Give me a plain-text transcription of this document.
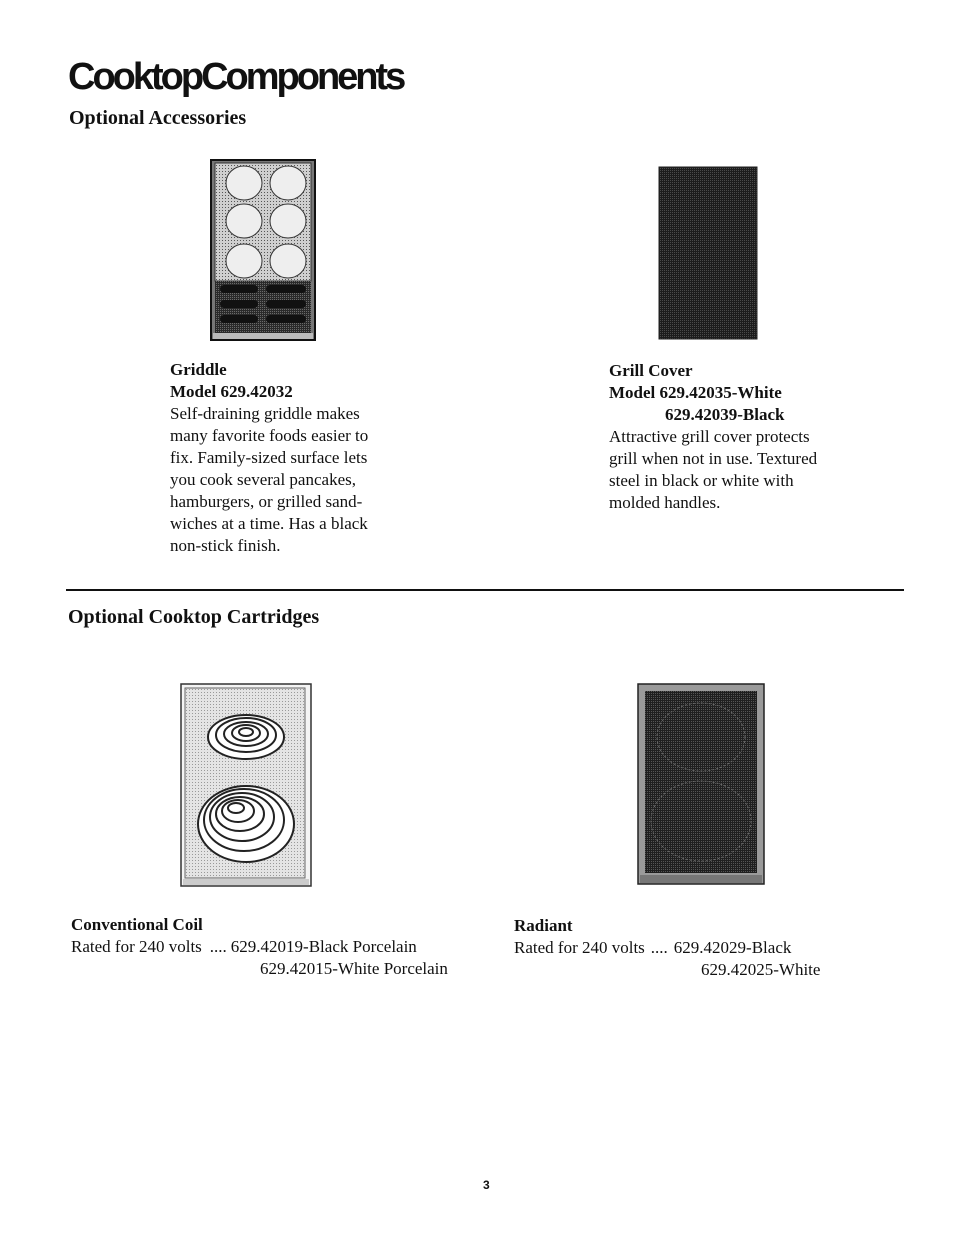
CooktopComponents
Optional Accessories
Griddle
Model 629.42032
Self-draining griddle makes
many favorite foods easier to
fix. Family-sized surface lets
you cook several pancakes,
hamburgers, or grilled sand-
wiches at a time. Has a black
non-stick finish.
Grill Cover
Model 629.42035-White
629.42039-Black
Attractive grill cover protects
grill when not in use. Textured
steel in black or white with
molded handles.
Optional Cooktop Cartridges
Conventional Coil
Rated for 240 volts .... 629.42019-Black Porcelain
629.42015-White Porcelain
Radiant
Rated for 240 volts .... 629.42029-Black
629.42025-White
3
